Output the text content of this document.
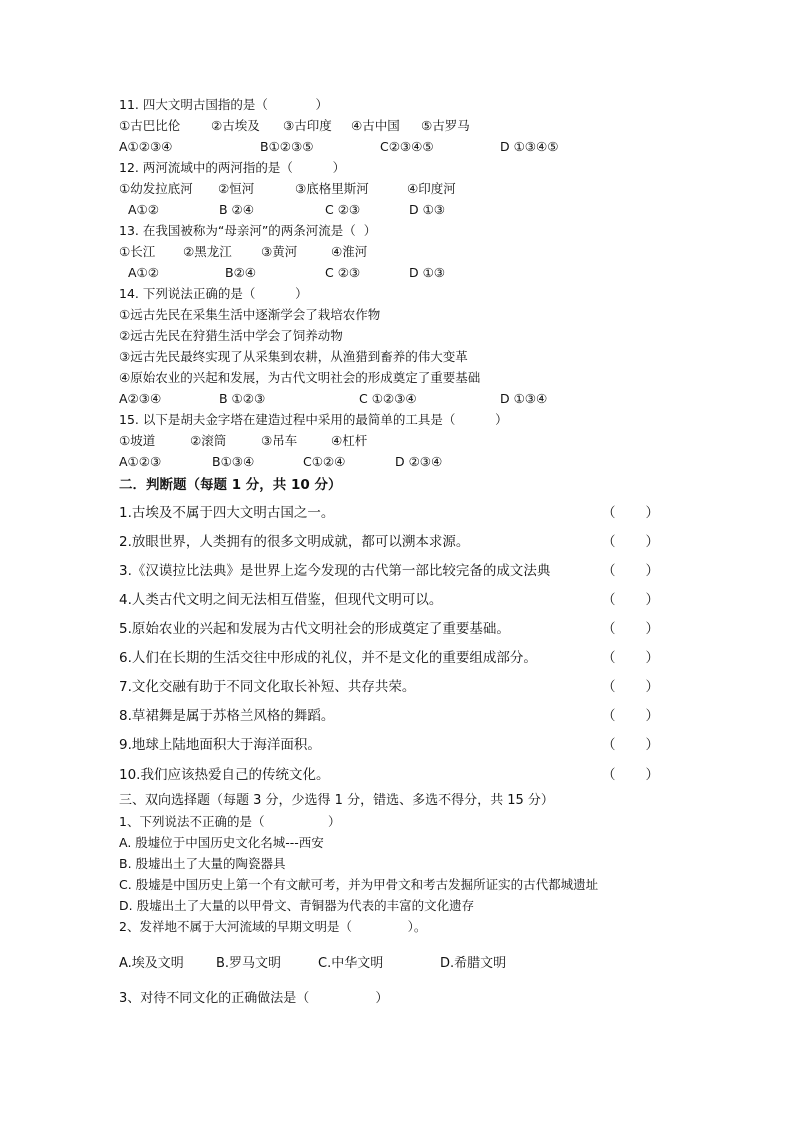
11. 四大文明古国指的是（            ）
①古巴比伦 ②古埃及 ③古印度 ④古中国 ⑤古罗马
A①②③④	B①②③⑤	C②③④⑤	D ①③④⑤
12. 两河流域中的两河指的是（          ）
①幼发拉底河 ②恒河	③底格里斯河	④印度河
A①②	B ②④	C ②③	D ①③
13. 在我国被称为“母亲河”的两条河流是（  ）
①长江 ②黑龙江 ③黄河	④淮河
A①②	B②④	C ②③	D ①③
14. 下列说法正确的是（          ）
①远古先民在采集生活中逐渐学会了栽培农作物
②远古先民在狩猎生活中学会了饲养动物
③远古先民最终实现了从采集到农耕，从渔猎到畜养的伟大变革
④原始农业的兴起和发展，为古代文明社会的形成奠定了重要基础
A②③④	B ①②③	C ①②③④	D ①③④
15. 以下是胡夫金字塔在建造过程中采用的最简单的工具是（          ）
①坡道	②滚筒	③吊车	④杠杆
A①②③	B①③④	C①②④	D ②③④
二．判断题（每题 1 分，共 10 分）
1.古埃及不属于四大文明古国之一。	（       ）
2.放眼世界，人类拥有的很多文明成就，都可以溯本求源。	（       ）
3.《汉谟拉比法典》是世界上迄今发现的古代第一部比较完备的成文法典	（       ）
4.人类古代文明之间无法相互借鉴，但现代文明可以。	（       ）
5.原始农业的兴起和发展为古代文明社会的形成奠定了重要基础。	（       ）
6.人们在长期的生活交往中形成的礼仪，并不是文化的重要组成部分。	（       ）
7.文化交融有助于不同文化取长补短、共存共荣。	（       ）
8.草裙舞是属于苏格兰风格的舞蹈。	（       ）
9.地球上陆地面积大于海洋面积。	（       ）
10.我们应该热爱自己的传统文化。	（       ）
三、双向选择题（每题 3 分，少选得 1 分，错选、多选不得分，共 15 分）
1、下列说法不正确的是（                ）
A. 殷墟位于中国历史文化名城---西安
B. 殷墟出土了大量的陶瓷器具
C. 殷墟是中国历史上第一个有文献可考，并为甲骨文和考古发掘所证实的古代都城遗址
D. 殷墟出土了大量的以甲骨文、青铜器为代表的丰富的文化遗存
2、发祥地不属于大河流域的早期文明是（              ）。
A.埃及文明 B.罗马文明	C.中华文明	D.希腊文明
3、对待不同文化的正确做法是（                ）
